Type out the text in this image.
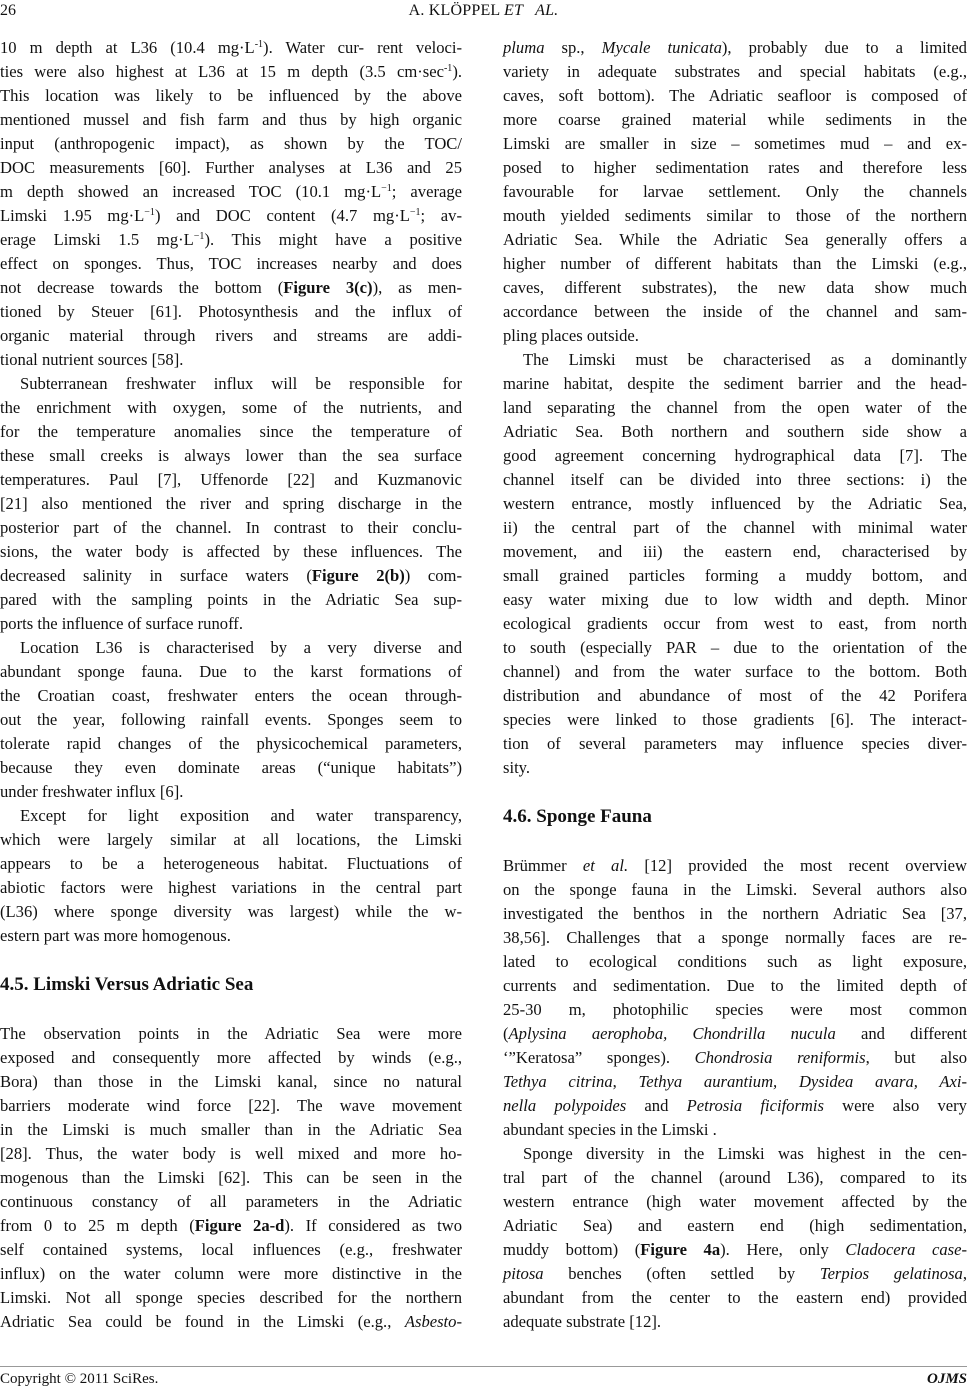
26	A. KLÖPPEL ET   AL.
10 m depth at L36 (10.4 $mg\cdot L^{-1}$). Water cur- rent veloci-
ties were also highest at L36 at 15 m depth (3.5 $cm\cdot\sec^{-1}$).
This location was likely to be influenced by the above
mentioned mussel and fish farm and thus by high organic
input (anthropogenic impact), as shown by the TOC/
DOC measurements [60]. Further analyses at L36 and 25
m depth showed an increased TOC (10.1 $mg\cdot L^{-1}$; average
Limski 1.95 $mg\cdot L^{-1}$) and DOC content (4.7 $mg\cdot L^{-1}$; av-
erage Limski 1.5 $mg\cdot L^{-1}$). This might have a positive
effect on sponges. Thus, TOC increases nearby and does
not decrease towards the bottom (Figure 3(c)), as men-
tioned by Steuer [61]. Photosynthesis and the influx of
organic material through rivers and streams are addi-
tional nutrient sources [58].
Subterranean freshwater influx will be responsible for
the enrichment with oxygen, some of the nutrients, and
for the temperature anomalies since the temperature of
these small creeks is always lower than the sea surface
temperatures. Paul [7], Uffenorde [22] and Kuzmanovic
[21] also mentioned the river and spring discharge in the
posterior part of the channel. In contrast to their conclu-
sions, the water body is affected by these influences. The
decreased salinity in surface waters (Figure 2(b)) com-
pared with the sampling points in the Adriatic Sea sup-
ports the influence of surface runoff.
Location L36 is characterised by a very diverse and
abundant sponge fauna. Due to the karst formations of
the Croatian coast, freshwater enters the ocean through-
out the year, following rainfall events. Sponges seem to
tolerate rapid changes of the physicochemical parameters,
because they even dominate areas (“unique habitats”)
under freshwater influx [6].
Except for light exposition and water transparency,
which were largely similar at all locations, the Limski
appears to be a heterogeneous habitat. Fluctuations of
abiotic factors were highest variations in the central part
(L36) where sponge diversity was largest) while the w-
estern part was more homogenous.
4.5. Limski Versus Adriatic Sea
The observation points in the Adriatic Sea were more
exposed and consequently more affected by winds (e.g.,
Bora) than those in the Limski kanal, since no natural
barriers moderate wind force [22]. The wave movement
in the Limski is much smaller than in the Adriatic Sea
[28]. Thus, the water body is well mixed and more ho-
mogenous than the Limski [62]. This can be seen in the
continuous constancy of all parameters in the Adriatic
from 0 to 25 m depth (Figure 2a-d). If considered as two
self contained systems, local influences (e.g., freshwater
influx) on the water column were more distinctive in the
Limski. Not all sponge species described for the northern
Adriatic Sea could be found in the Limski (e.g., Asbesto-
pluma sp., Mycale tunicata), probably due to a limited
variety in adequate substrates and special habitats (e.g.,
caves, soft bottom). The Adriatic seafloor is composed of
more coarse grained material while sediments in the
Limski are smaller in size – sometimes mud – and ex-
posed to higher sedimentation rates and therefore less
favourable for larvae settlement. Only the channels
mouth yielded sediments similar to those of the northern
Adriatic Sea. While the Adriatic Sea generally offers a
higher number of different habitats than the Limski (e.g.,
caves, different substrates), the new data show much
accordance between the inside of the channel and sam-
pling places outside.
The Limski must be characterised as a dominantly
marine habitat, despite the sediment barrier and the head-
land separating the channel from the open water of the
Adriatic Sea. Both northern and southern side show a
good agreement concerning hydrographical data [7]. The
channel itself can be divided into three sections: i) the
western entrance, mostly influenced by the Adriatic Sea,
ii) the central part of the channel with minimal water
movement, and iii) the eastern end, characterised by
small grained particles forming a muddy bottom, and
easy water mixing due to low width and depth. Minor
ecological gradients occur from west to east, from north
to south (especially PAR – due to the orientation of the
channel) and from the water surface to the bottom. Both
distribution and abundance of most of the 42 Porifera
species were linked to those gradients [6]. The interact-
tion of several parameters may influence species diver-
sity.
4.6. Sponge Fauna
Brümmer et al. [12] provided the most recent overview
on the sponge fauna in the Limski. Several authors also
investigated the benthos in the northern Adriatic Sea [37,
38,56]. Challenges that a sponge normally faces are re-
lated to ecological conditions such as light exposure,
currents and sedimentation. Due to the limited depth of
25-30 m, photophilic species were most common
(Aplysina aerophoba, Chondrilla nucula and different
‘”Keratosa” sponges). Chondrosia reniformis, but also
Tethya citrina, Tethya aurantium, Dysidea avara, Axi-
nella polypoides and Petrosia ficiformis were also very
abundant species in the Limski .
Sponge diversity in the Limski was highest in the cen-
tral part of the channel (around L36), compared to its
western entrance (high water movement affected by the
Adriatic Sea) and eastern end (high sedimentation,
muddy bottom) (Figure 4a). Here, only Cladocera case-
pitosa benches (often settled by Terpios gelatinosa,
abundant from the center to the eastern end) provided
adequate substrate [12].
Copyright © 2011 SciRes.	OJMS
